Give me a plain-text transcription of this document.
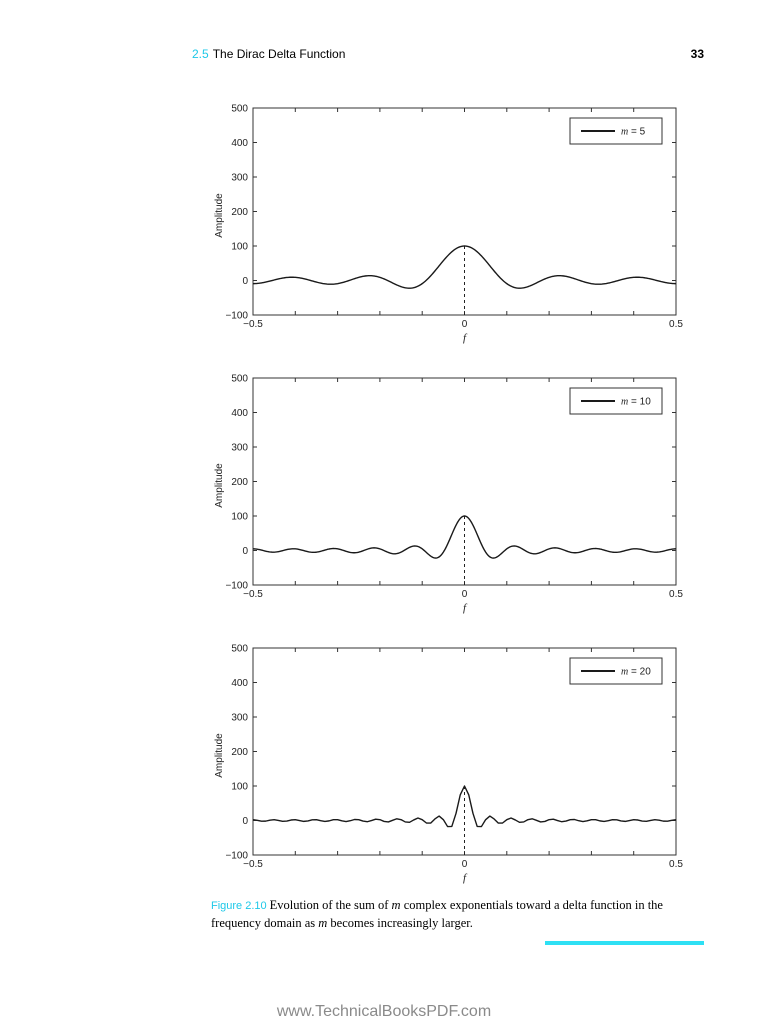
2.5 The Dirac Delta Function	33
−100
0
100
200
300
400
500
−0.5	0	0.5
f
Amplitude
m = 5
−100
0
100
200
300
400
500
−0.5	0	0.5
f
Amplitude
m = 10
−100
0
100
200
300
400
500
−0.5	0	0.5
f
Amplitude
m = 20
Figure 2.10 Evolution of the sum of m complex exponentials toward a delta function in the frequency domain as m becomes increasingly larger.
www.TechnicalBooksPDF.com
